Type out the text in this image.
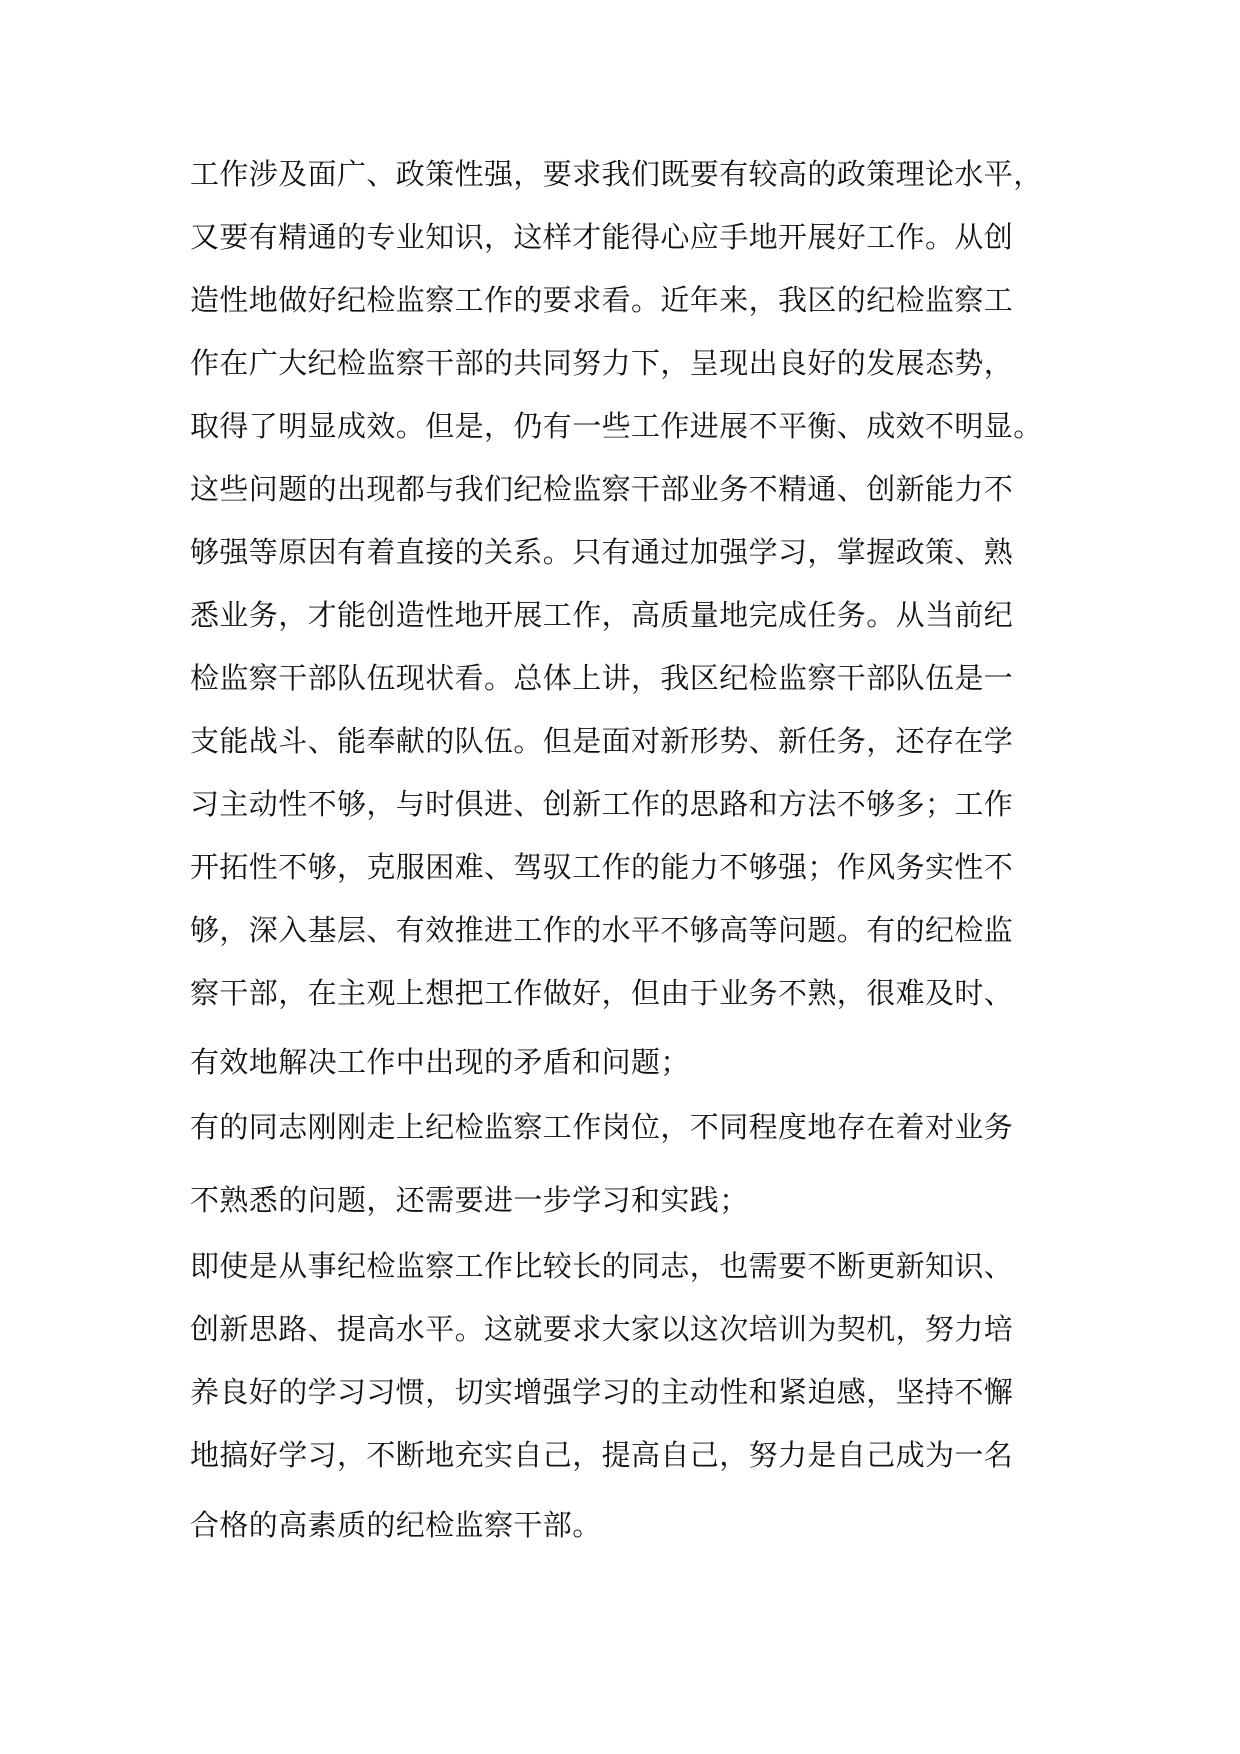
工作涉及面广、政策性强，要求我们既要有较高的政策理论水平，
又要有精通的专业知识，这样才能得心应手地开展好工作。从创
造性地做好纪检监察工作的要求看。近年来，我区的纪检监察工
作在广大纪检监察干部的共同努力下，呈现出良好的发展态势，
取得了明显成效。但是，仍有一些工作进展不平衡、成效不明显。
这些问题的出现都与我们纪检监察干部业务不精通、创新能力不
够强等原因有着直接的关系。只有通过加强学习，掌握政策、熟
悉业务，才能创造性地开展工作，高质量地完成任务。从当前纪
检监察干部队伍现状看。总体上讲，我区纪检监察干部队伍是一
支能战斗、能奉献的队伍。但是面对新形势、新任务，还存在学
习主动性不够，与时俱进、创新工作的思路和方法不够多；工作
开拓性不够，克服困难、驾驭工作的能力不够强；作风务实性不
够，深入基层、有效推进工作的水平不够高等问题。有的纪检监
察干部，在主观上想把工作做好，但由于业务不熟，很难及时、
有效地解决工作中出现的矛盾和问题；
有的同志刚刚走上纪检监察工作岗位，不同程度地存在着对业务
不熟悉的问题，还需要进一步学习和实践；
即使是从事纪检监察工作比较长的同志，也需要不断更新知识、
创新思路、提高水平。这就要求大家以这次培训为契机，努力培
养良好的学习习惯，切实增强学习的主动性和紧迫感，坚持不懈
地搞好学习，不断地充实自己，提高自己，努力是自己成为一名
合格的高素质的纪检监察干部。
